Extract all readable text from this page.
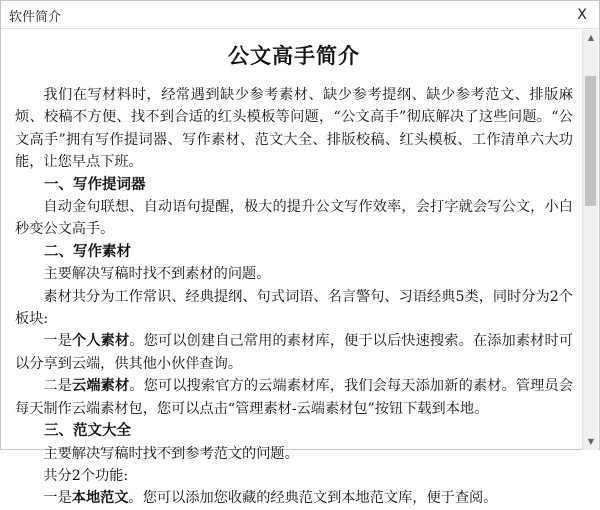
软件简介	X
公文高手简介

我们在写材料时，经常遇到缺少参考素材、缺少参考提纲、缺少参考范文、排版麻烦、校稿不方便、找不到合适的红头模板等问题，“公文高手”彻底解决了这些问题。“公文高手”拥有写作提词器、写作素材、范文大全、排版校稿、红头模板、工作清单六大功能，让您早点下班。

一、写作提词器

自动金句联想、自动语句提醒，极大的提升公文写作效率，会打字就会写公文，小白秒变公文高手。

二、写作素材

主要解决写稿时找不到素材的问题。

素材共分为工作常识、经典提纲、句式词语、名言警句、习语经典5类，同时分为2个板块:

一是个人素材。您可以创建自己常用的素材库，便于以后快速搜索。在添加素材时可以分享到云端，供其他小伙伴查询。

二是云端素材。您可以搜索官方的云端素材库，我们会每天添加新的素材。管理员会每天制作云端素材包，您可以点击“管理素材-云端素材包”按钮下载到本地。

三、范文大全

主要解决写稿时找不到参考范文的问题。

共分2个功能:

一是本地范文。您可以添加您收藏的经典范文到本地范文库，便于查阅。

▲
▼
